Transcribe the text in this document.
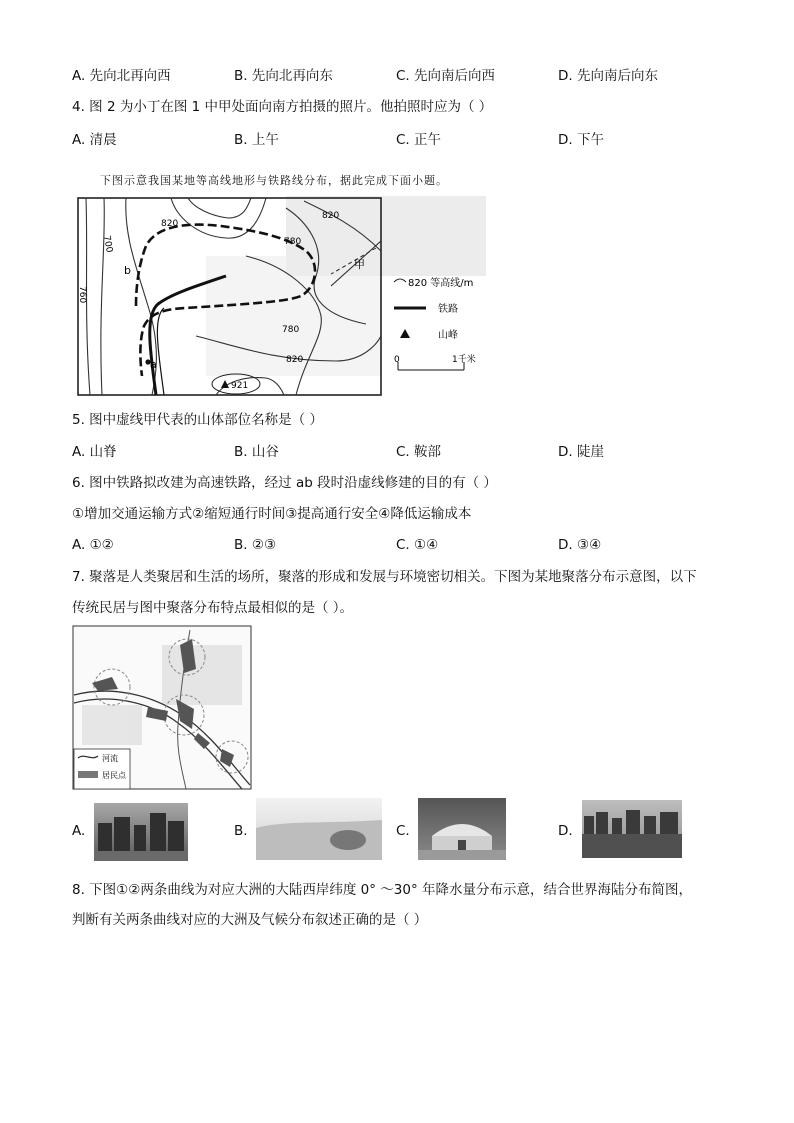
A. 先向北再向西	B. 先向北再向东	C. 先向南后向西	D. 先向南后向东
4. 图 2 为小丁在图 1 中甲处面向南方拍摄的照片。他拍照时应为（ ）
A. 清晨	B. 上午	C. 正午	D. 下午
下图示意我国某地等高线地形与铁路线分布，据此完成下面小题。
820
700	780
820
760
780
820
b
a
甲
921
820 等高线/m
铁路
山峰
0	1千米
5. 图中虚线甲代表的山体部位名称是（ ）
A. 山脊	B. 山谷	C. 鞍部	D. 陡崖
6. 图中铁路拟改建为高速铁路，经过 ab 段时沿虚线修建的目的有（ ）
①增加交通运输方式②缩短通行时间③提高通行安全④降低运输成本
A. ①②	B. ②③	C. ①④	D. ③④
7. 聚落是人类聚居和生活的场所，聚落的形成和发展与环境密切相关。下图为某地聚落分布示意图，以下
传统民居与图中聚落分布特点最相似的是（ ）。
河流
居民点
A.	B.	C.	D.
8. 下图①②两条曲线为对应大洲的大陆西岸纬度 0° ～30° 年降水量分布示意，结合世界海陆分布简图，
判断有关两条曲线对应的大洲及气候分布叙述正确的是（ ）
